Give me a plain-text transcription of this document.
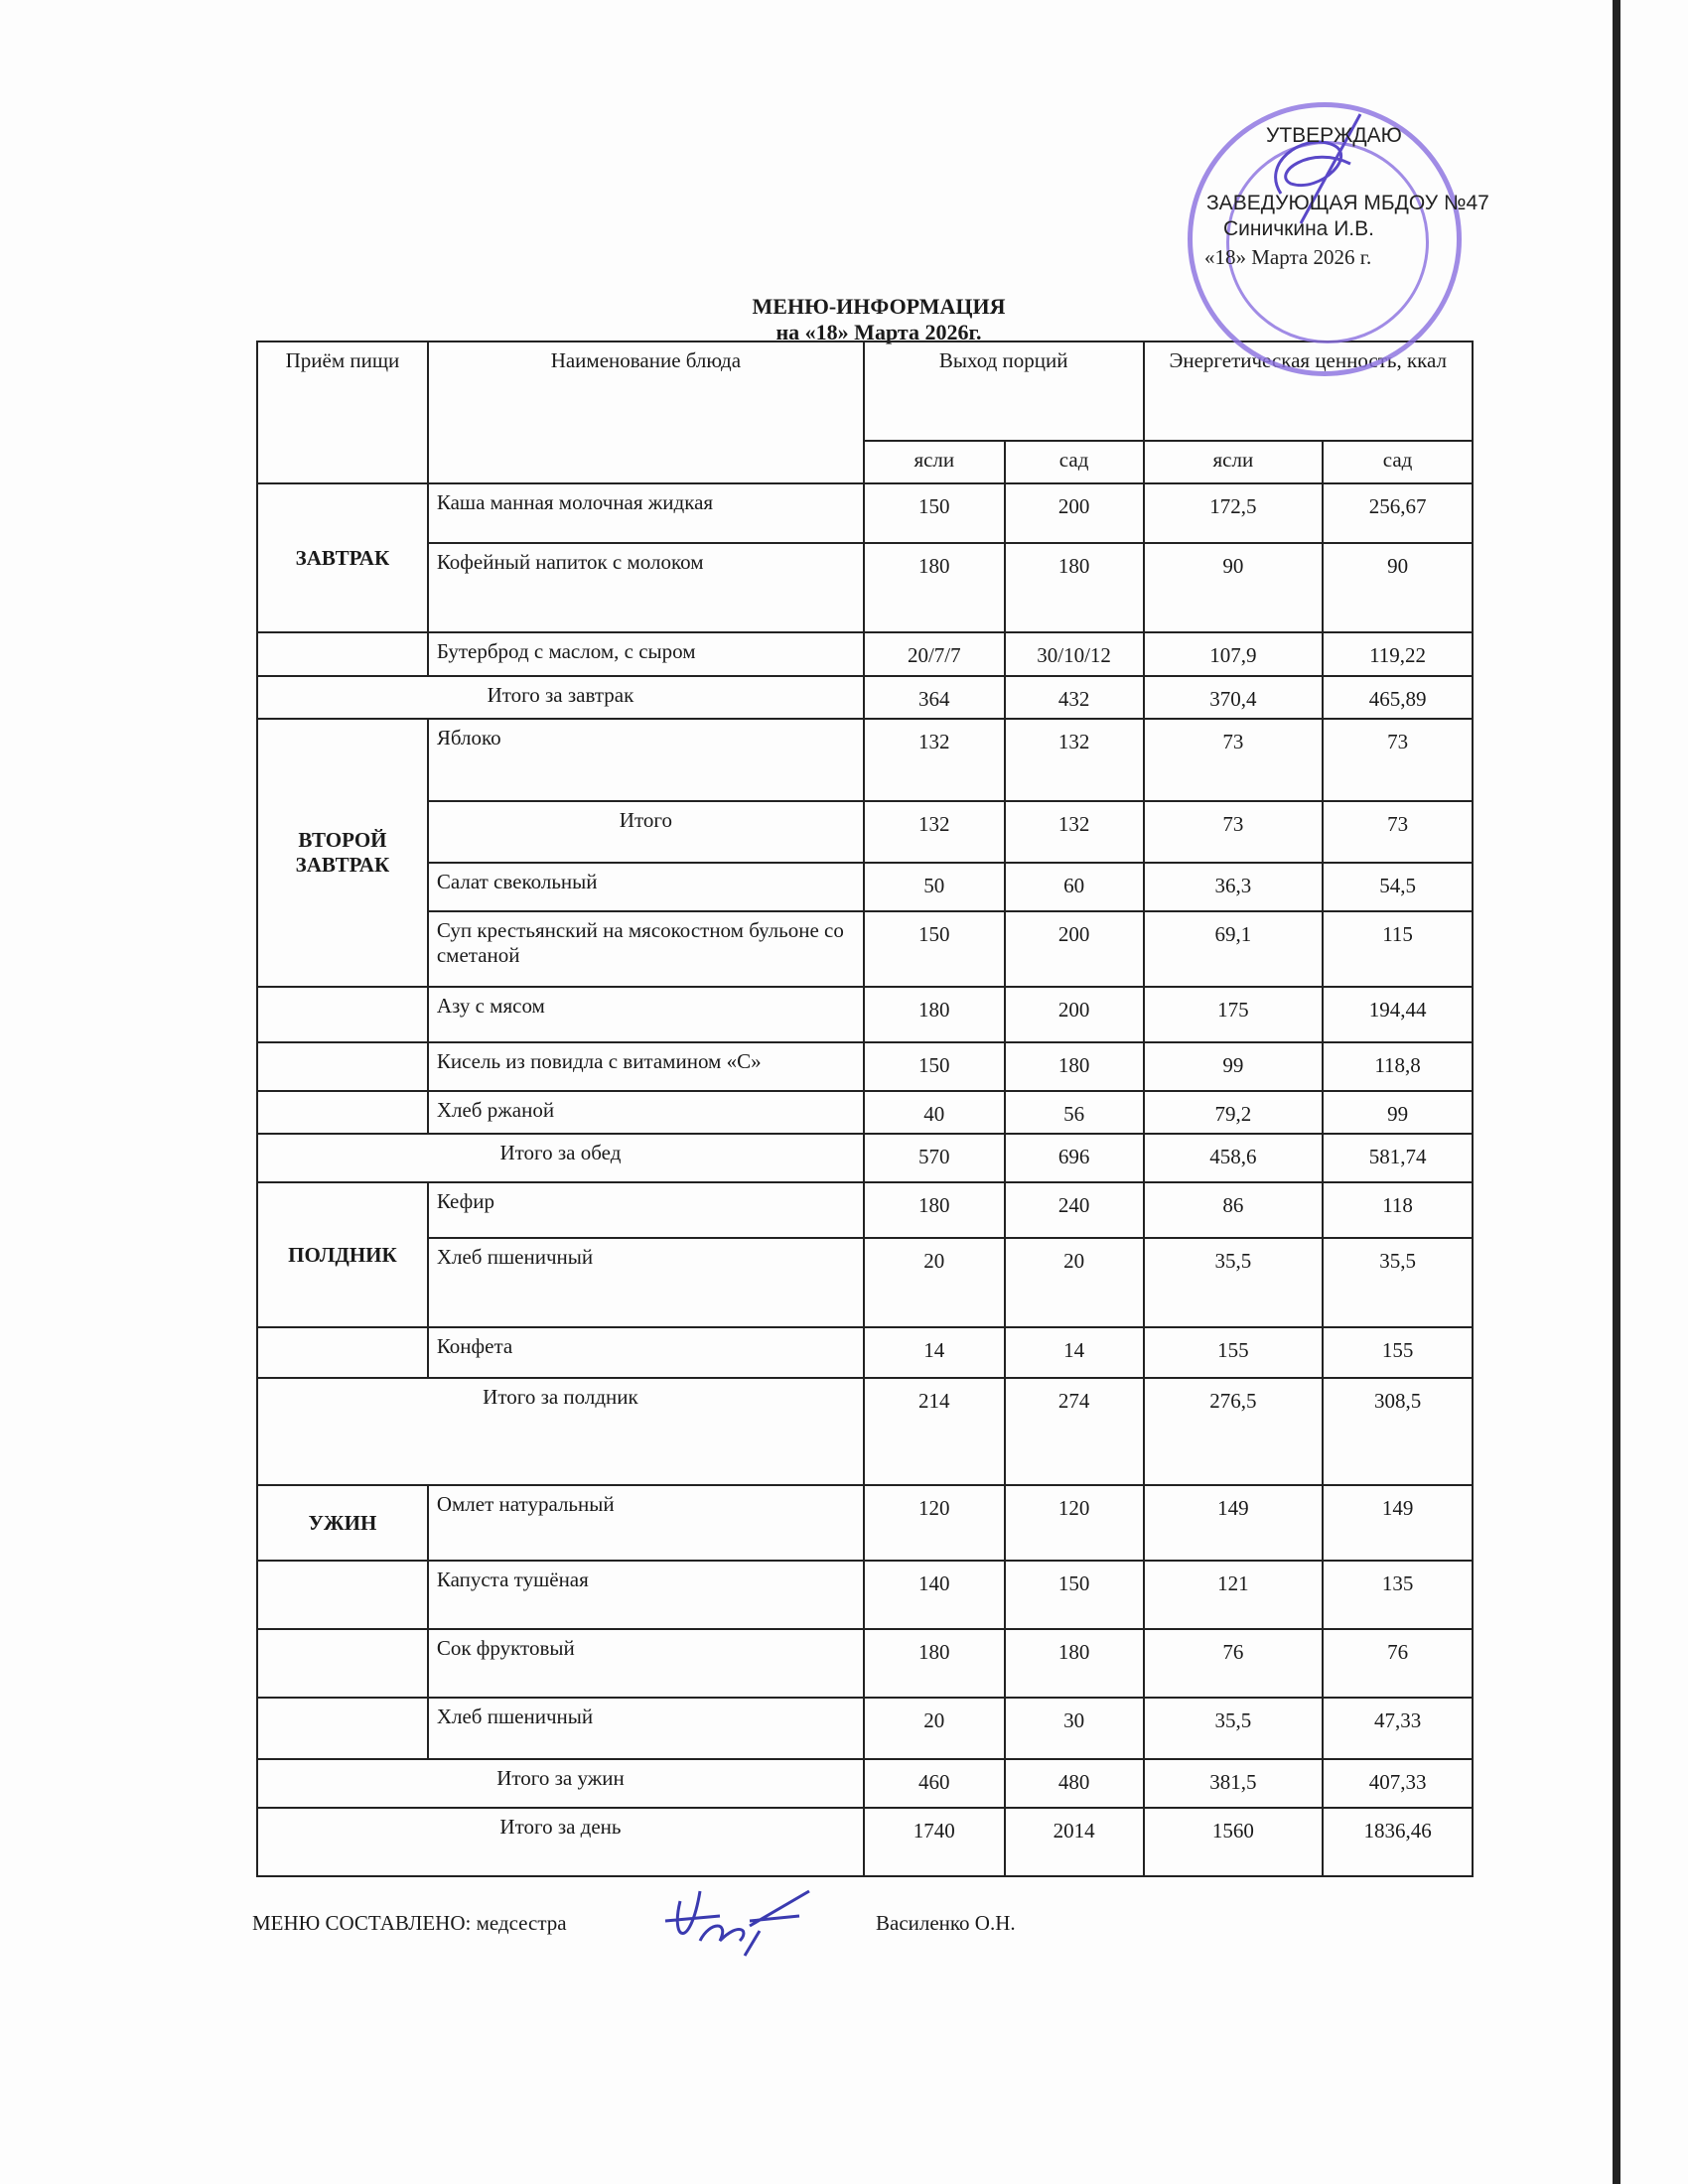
УТВЕРЖДАЮ
ЗАВЕДУЮЩАЯ МБДОУ №47
Синичкина И.В.
«18» Марта 2026 г.
МЕНЮ-ИНФОРМАЦИЯ
на «18» Марта 2026г.
Приём пищи	Наименование блюда	Выход порций		Энергетическая ценность, ккал	
		ясли	сад	ясли	сад
ЗАВТРАК	Каша манная молочная жидкая	150	200	172,5	256,67
	Кофейный напиток с молоком	180	180	90	90
	Бутерброд с маслом, с сыром	20/7/7	30/10/12	107,9	119,22
Итого за завтрак		364	432	370,4	465,89
ВТОРОЙ ЗАВТРАК	Яблоко	132	132	73	73
	Итого	132	132	73	73
	Салат свекольный	50	60	36,3	54,5
	Суп крестьянский на мясокостном бульоне со сметаной	150	200	69,1	115
	Азу с мясом	180	200	175	194,44
	Кисель из повидла с витамином «С»	150	180	99	118,8
	Хлеб ржаной	40	56	79,2	99
Итого за обед		570	696	458,6	581,74
ПОЛДНИК	Кефир	180	240	86	118
	Хлеб пшеничный	20	20	35,5	35,5
	Конфета	14	14	155	155
Итого за полдник		214	274	276,5	308,5
УЖИН	Омлет натуральный	120	120	149	149
	Капуста тушёная	140	150	121	135
	Сок фруктовый	180	180	76	76
	Хлеб пшеничный	20	30	35,5	47,33
Итого за ужин		460	480	381,5	407,33
Итого за день		1740	2014	1560	1836,46
МЕНЮ СОСТАВЛЕНО: медсестра	Василенко О.Н.
